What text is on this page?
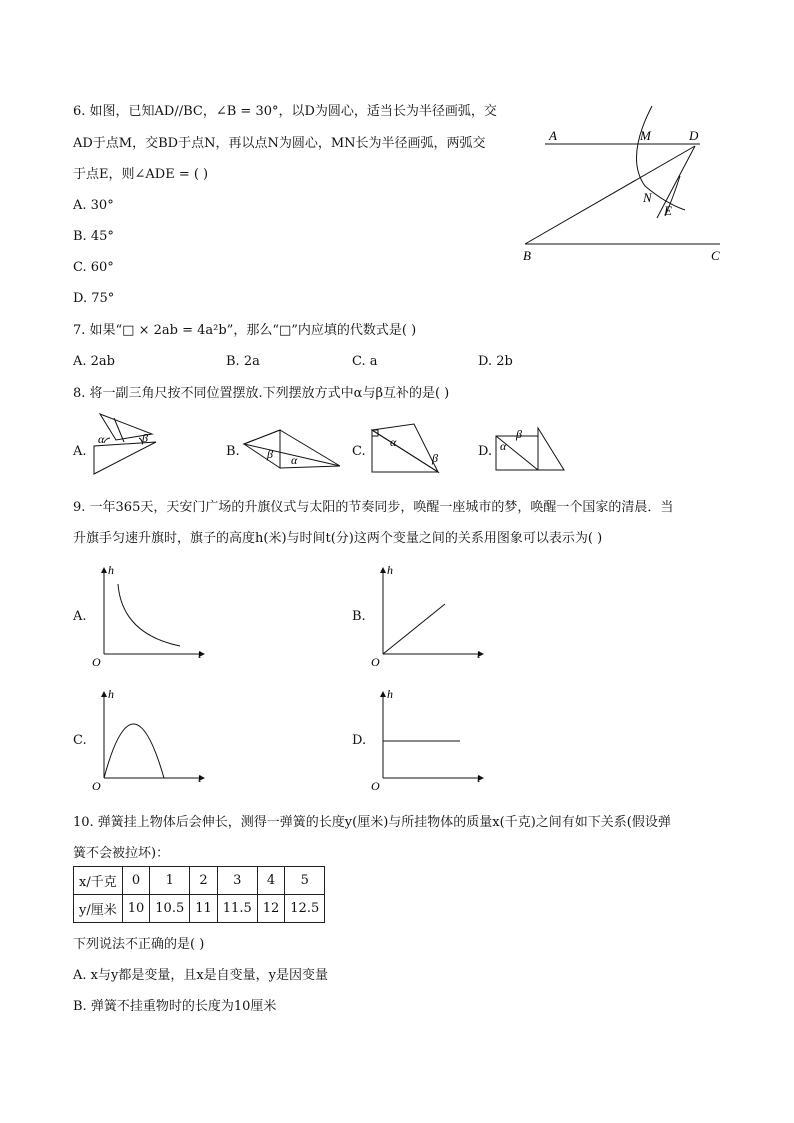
6. 如图，已知AD//BC，∠B = 30°，以D为圆心，适当长为半径画弧，交
AD于点M，交BD于点N，再以点N为圆心，MN长为半径画弧，两弧交
于点E，则∠ADE = ( )
A. 30°
B. 45°
C. 60°
D. 75°
A	M	D
N
E
B	C
7. 如果“□ × 2ab = 4a²b”，那么“□”内应填的代数式是( )
A. 2ab	B. 2a	C. a	D. 2b
8. 将一副三角尺按不同位置摆放.下列摆放方式中α与β互补的是( )
A.
α	β
B. β α
C.
α
β	D. α
β
9. 一年365天，天安门广场的升旗仪式与太阳的节奏同步，唤醒一座城市的梦，唤醒一个国家的清晨．当
升旗手匀速升旗时，旗子的高度h(米)与时间t(分)这两个变量之间的关系用图象可以表示为( )
A.
h
t
O
B.
h
t
O
C.
h
t
O
D.
h
t
O
10. 弹簧挂上物体后会伸长，测得一弹簧的长度y(厘米)与所挂物体的质量x(千克)之间有如下关系(假设弹
簧不会被拉坏)：
x/千克	0	1	2	3	4	5
y/厘米	10	10.5	11	11.5	12	12.5
下列说法不正确的是( )
A. x与y都是变量，且x是自变量，y是因变量
B. 弹簧不挂重物时的长度为10厘米
